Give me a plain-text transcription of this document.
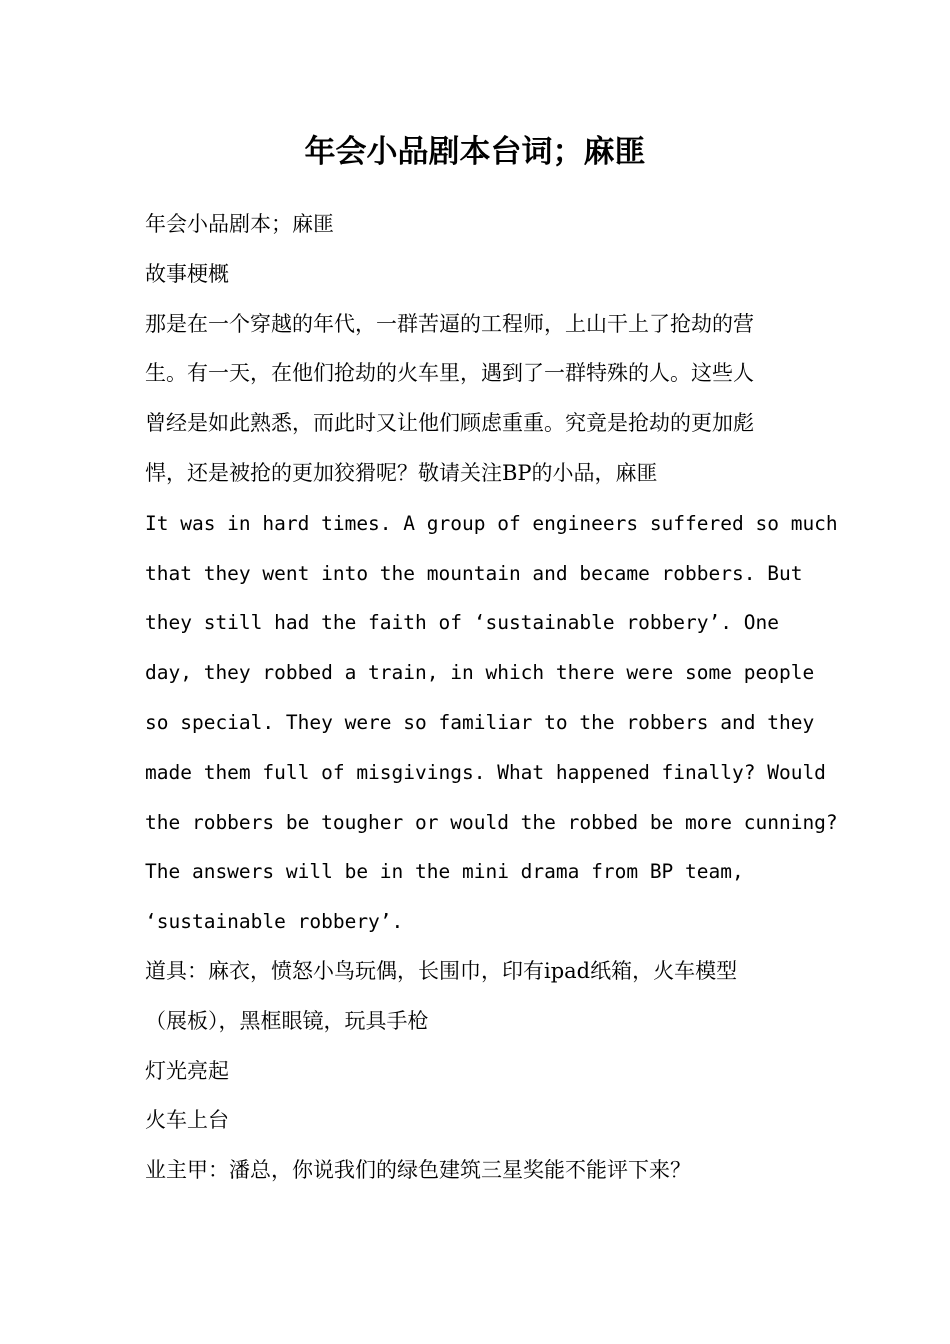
年会小品剧本台词；麻匪

年会小品剧本；麻匪

故事梗概

那是在一个穿越的年代，一群苦逼的工程师，上山干上了抢劫的营

生。有一天，在他们抢劫的火车里，遇到了一群特殊的人。这些人

曾经是如此熟悉，而此时又让他们顾虑重重。究竟是抢劫的更加彪

悍，还是被抢的更加狡猾呢？敬请关注BP的小品，麻匪

It was in hard times. A group of engineers suffered so much

that they went into the mountain and became robbers. But

they still had the faith of ‘sustainable robbery’. One

day, they robbed a train, in which there were some people

so special. They were so familiar to the robbers and they

made them full of misgivings. What happened finally? Would

the robbers be tougher or would the robbed be more cunning?

The answers will be in the mini drama from BP team,

‘sustainable robbery’.

道具：麻衣，愤怒小鸟玩偶，长围巾，印有ipad纸箱，火车模型

（展板），黑框眼镜，玩具手枪

灯光亮起

火车上台

业主甲：潘总，你说我们的绿色建筑三星奖能不能评下来？
